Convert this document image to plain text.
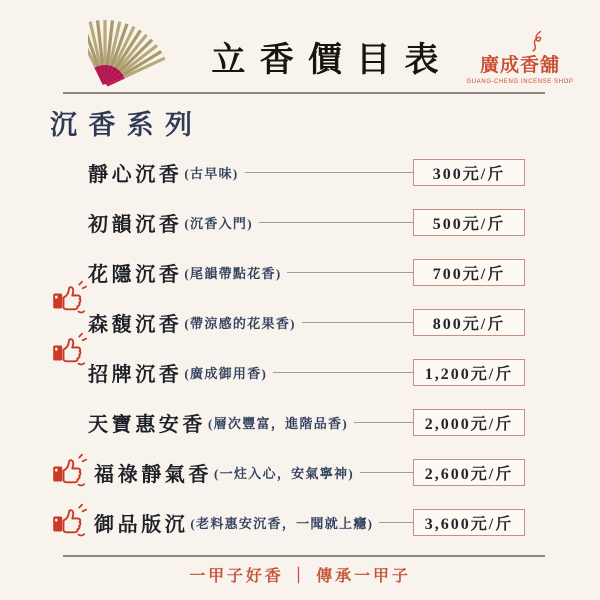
立香價目表	廣成香舖
GUANG-CHENG INCENSE SHOP
沉香系列
靜心沉香 (古早味)	300元/斤
初韻沉香 (沉香入門)	500元/斤
花隱沉香 (尾韻帶點花香)	700元/斤
森馥沉香 (帶涼感的花果香)	800元/斤
招牌沉香 (廣成御用香)	1,200元/斤
天寶惠安香 (層次豐富，進階品香)	2,000元/斤
福祿靜氣香 (一炷入心，安氣寧神)	2,600元/斤
御品版沉 (老料惠安沉香，一聞就上癮)	3,600元/斤
一甲子好香 ｜ 傳承一甲子
